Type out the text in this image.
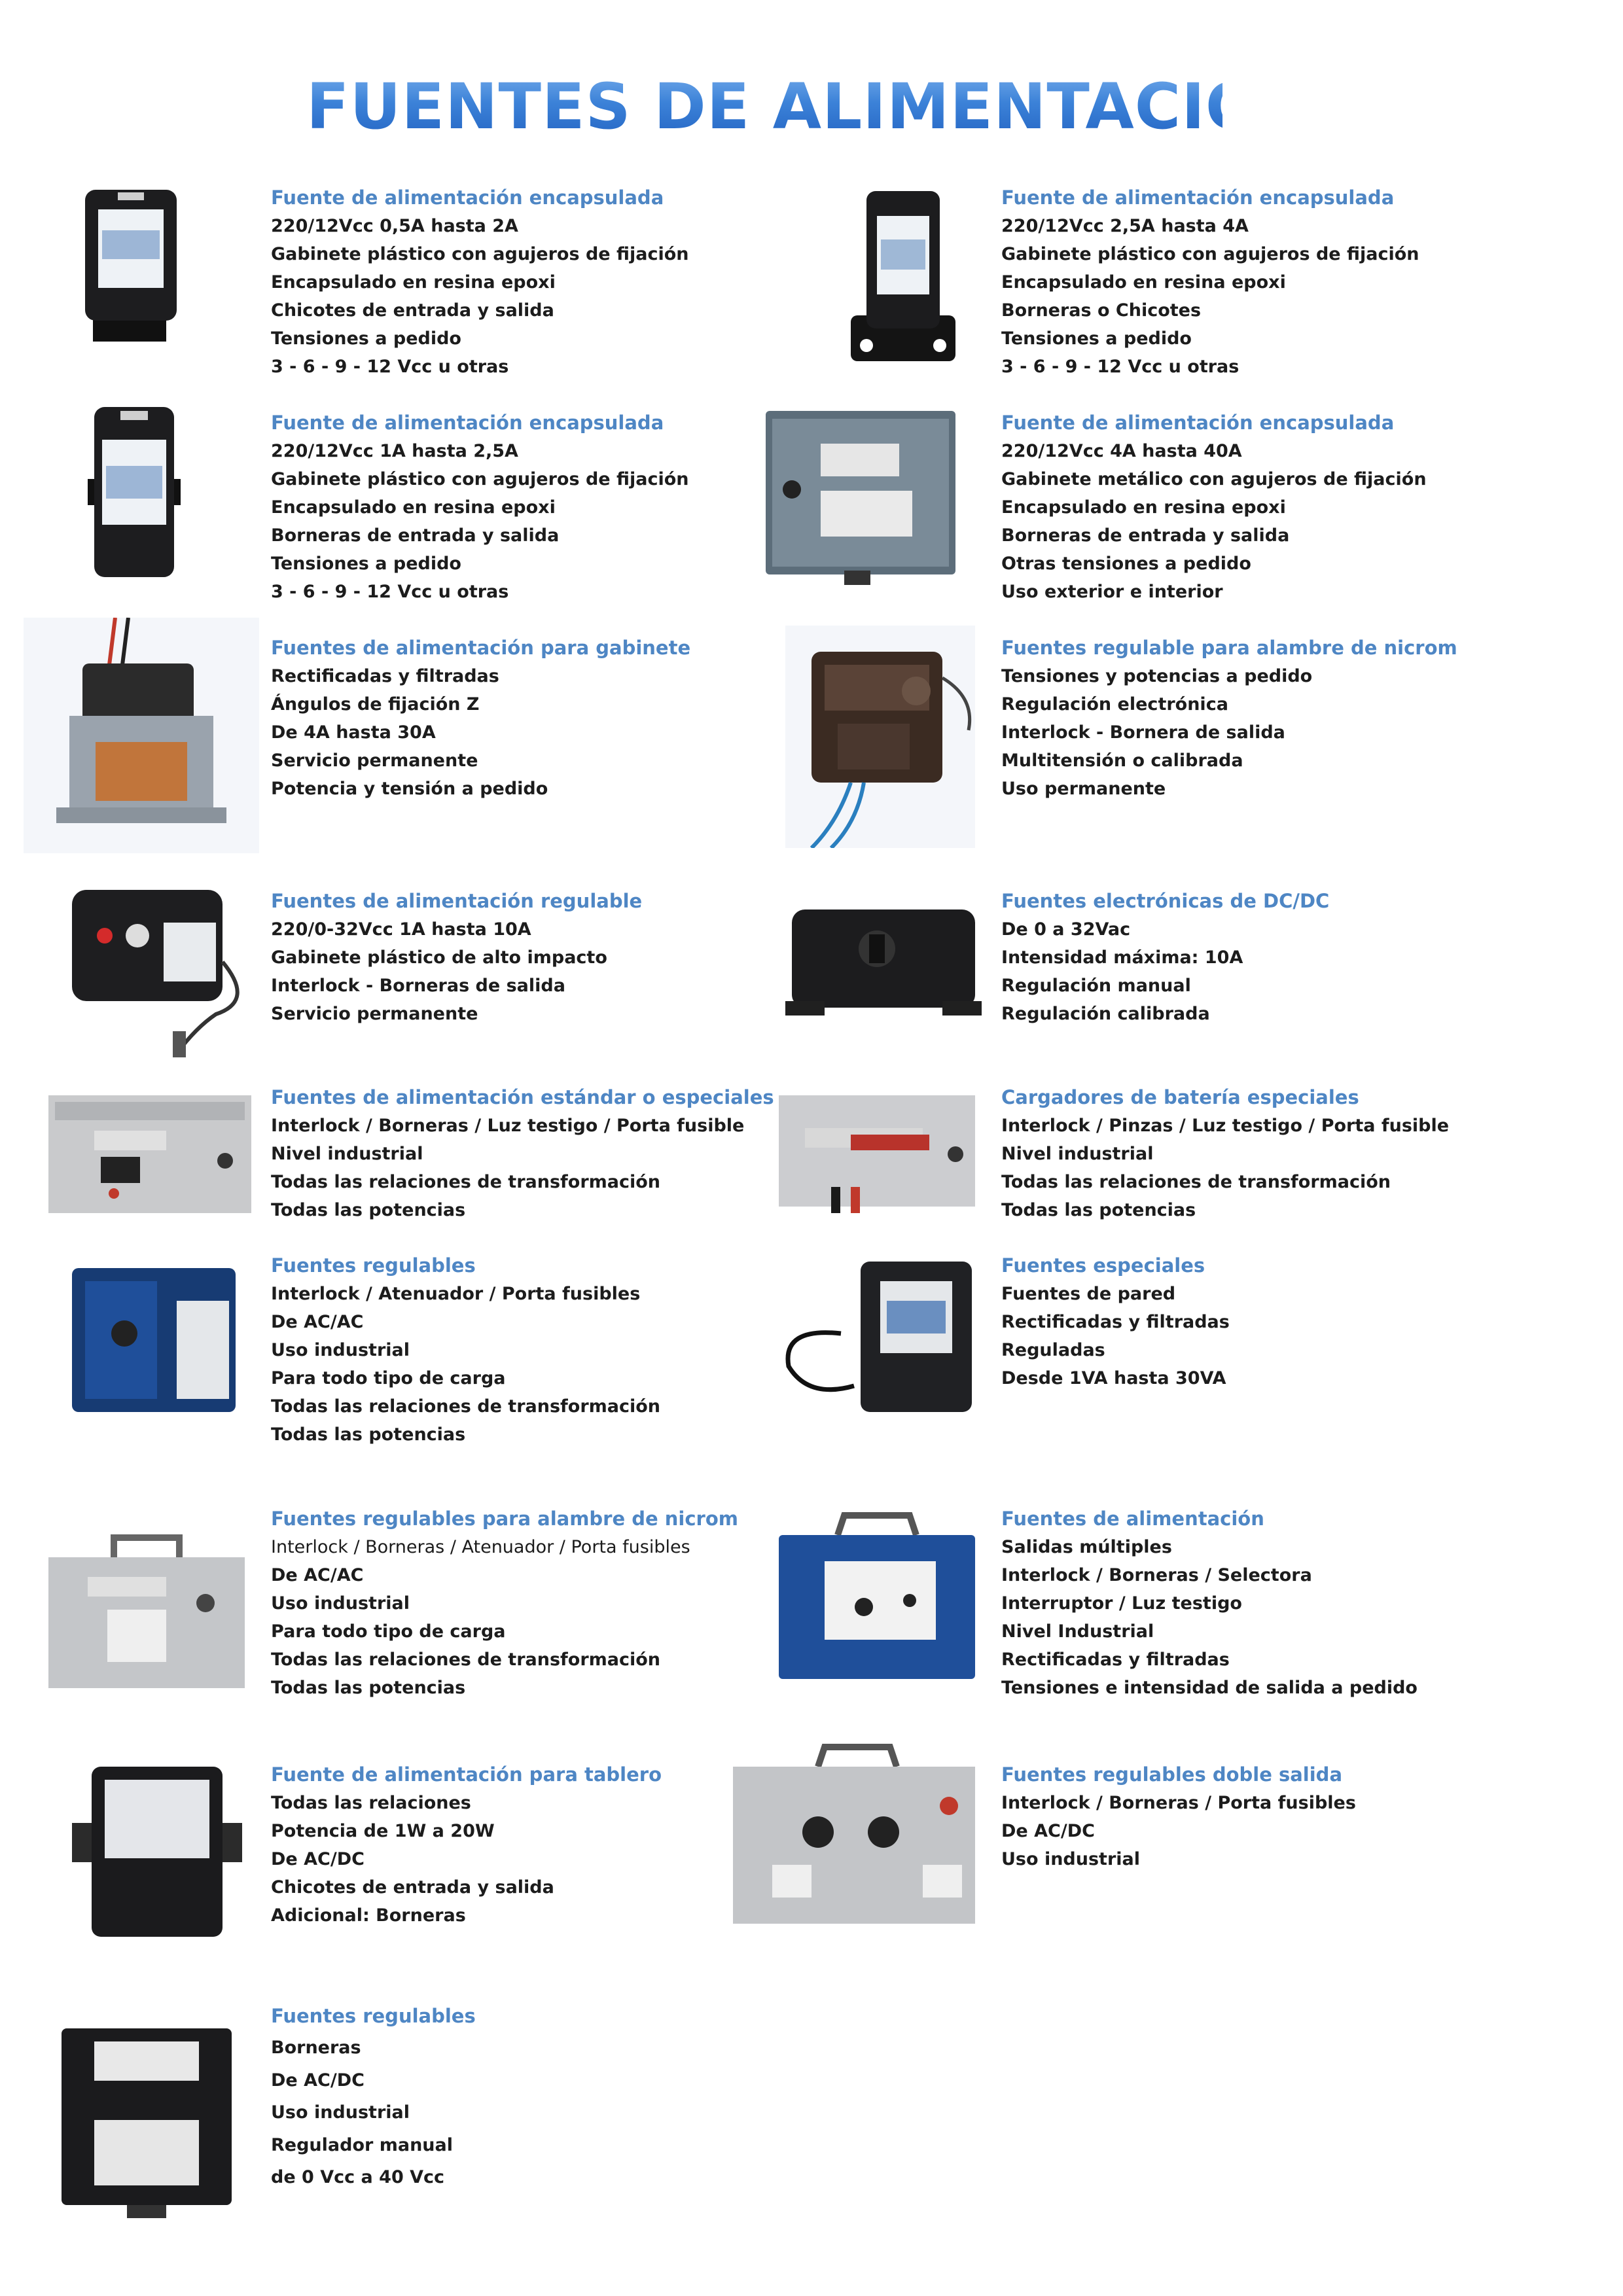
FUENTES DE ALIMENTACIÓN
Fuente de alimentación encapsulada
220/12Vcc 0,5A hasta 2A
Gabinete plástico con agujeros de fijación
Encapsulado en resina epoxi
Chicotes de entrada y salida
Tensiones a pedido
3 - 6 - 9 - 12 Vcc u otras
Fuente de alimentación encapsulada
220/12Vcc 2,5A hasta 4A
Gabinete plástico con agujeros de fijación
Encapsulado en resina epoxi
Borneras o Chicotes
Tensiones a pedido
3 - 6 - 9 - 12 Vcc u otras
Fuente de alimentación encapsulada
220/12Vcc 1A hasta 2,5A
Gabinete plástico con agujeros de fijación
Encapsulado en resina epoxi
Borneras de entrada y salida
Tensiones a pedido
3 - 6 - 9 - 12 Vcc u otras
Fuente de alimentación encapsulada
220/12Vcc 4A hasta 40A
Gabinete metálico con agujeros de fijación
Encapsulado en resina epoxi
Borneras de entrada y salida
Otras tensiones a pedido
Uso exterior e interior
Fuentes de alimentación para gabinete
Rectificadas y filtradas
Ángulos de fijación Z
De 4A hasta 30A
Servicio permanente
Potencia y tensión a pedido
Fuentes regulable para alambre de nicrom
Tensiones y potencias a pedido
Regulación electrónica
Interlock - Bornera de salida
Multitensión o calibrada
Uso permanente
Fuentes de alimentación regulable
220/0-32Vcc 1A hasta 10A
Gabinete plástico de alto impacto
Interlock - Borneras de salida
Servicio permanente
Fuentes electrónicas de DC/DC
De 0 a 32Vac
Intensidad máxima: 10A
Regulación manual
Regulación calibrada
Fuentes de alimentación estándar o especiales
Interlock / Borneras / Luz testigo / Porta fusible
Nivel industrial
Todas las relaciones de transformación
Todas las potencias
Cargadores de batería especiales
Interlock / Pinzas / Luz testigo / Porta fusible
Nivel industrial
Todas las relaciones de transformación
Todas las potencias
Fuentes regulables
Interlock / Atenuador / Porta fusibles
De AC/AC
Uso industrial
Para todo tipo de carga
Todas las relaciones de transformación
Todas las potencias
Fuentes especiales
Fuentes de pared
Rectificadas y filtradas
Reguladas
Desde 1VA hasta 30VA
Fuentes regulables para alambre de nicrom
Interlock / Borneras / Atenuador / Porta fusibles
De AC/AC
Uso industrial
Para todo tipo de carga
Todas las relaciones de transformación
Todas las potencias
Fuentes de alimentación
Salidas múltiples
Interlock / Borneras / Selectora
Interruptor / Luz testigo
Nivel Industrial
Rectificadas y filtradas
Tensiones e intensidad de salida a pedido
Fuente de alimentación para tablero
Todas las relaciones
Potencia de 1W a 20W
De AC/DC
Chicotes de entrada y salida
Adicional: Borneras
Fuentes regulables doble salida
Interlock / Borneras / Porta fusibles
De AC/DC
Uso industrial
Fuentes regulables
Borneras
De AC/DC
Uso industrial
Regulador manual
de 0 Vcc a 40 Vcc
